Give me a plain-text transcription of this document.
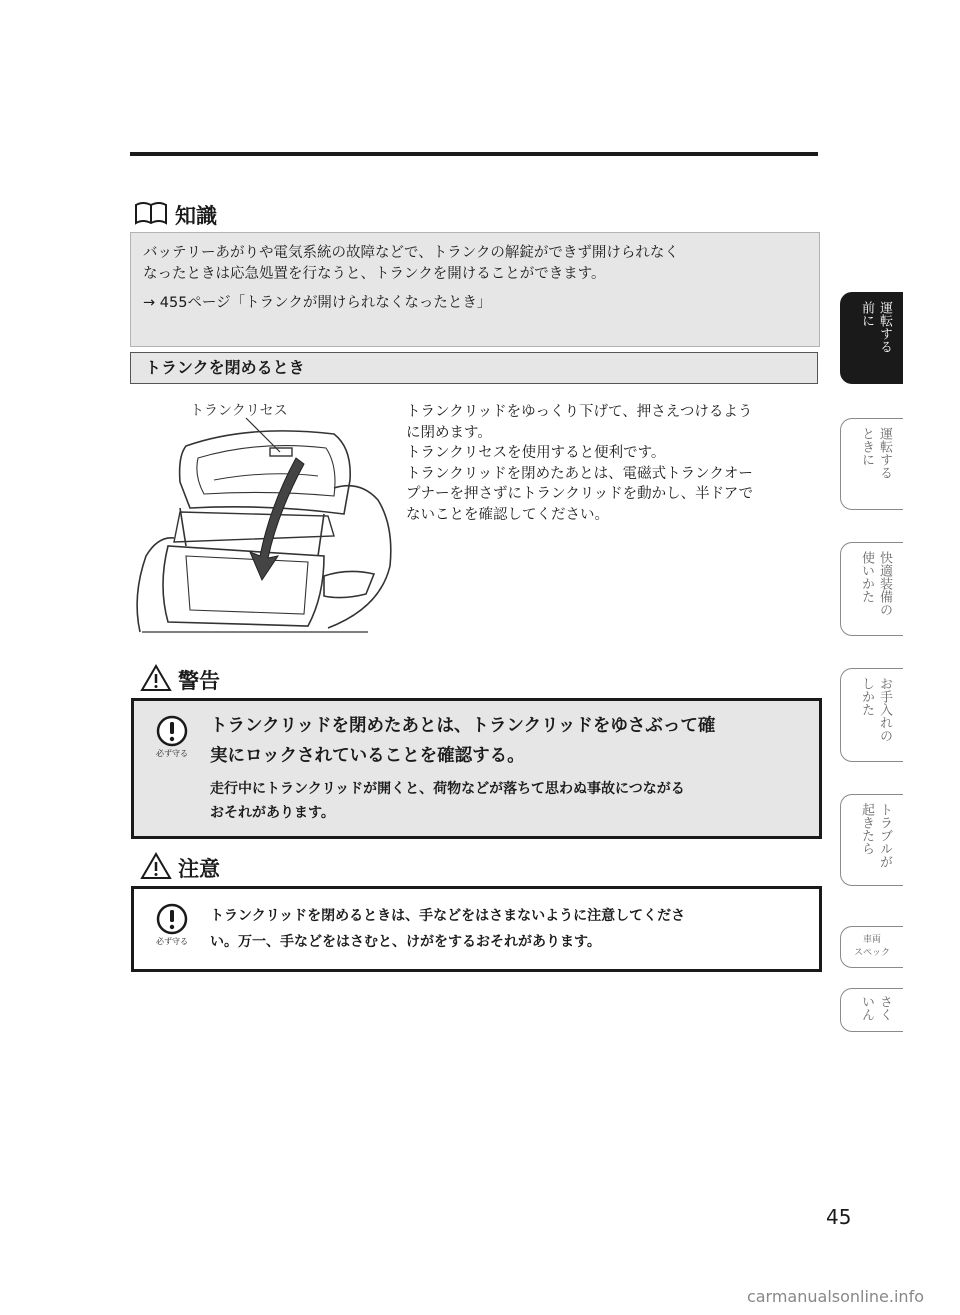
知識

バッテリーあがりや電気系統の故障などで、トランクの解錠ができず開けられなく

なったときは応急処置を行なうと、トランクを開けることができます。

→ 455ページ「トランクが開けられなくなったとき」

トランクを閉めるとき
トランクリセス	トランクリッドをゆっくり下げて、押さえつけるよう

に閉めます。

トランクリセスを使用すると便利です。

トランクリッドを閉めたあとは、電磁式トランクオー

プナーを押さずにトランクリッドを動かし、半ドアで

ないことを確認してください。

警告
必ず守る
トランクリッドを閉めたあとは、トランクリッドをゆさぶって確
実にロックされていることを確認する。
走行中にトランクリッドが開くと、荷物などが落ちて思わぬ事故につながる
おそれがあります。
注意
必ず守る
トランクリッドを閉めるときは、手などをはさまないように注意してくださ
い。万一、手などをはさむと、けがをするおそれがあります。
前に 運転する
ときに 運転する
使いかた 快適装備の
しかた お手入れの
起きたら トラブルが
車両
スペック
いん さく
45
carmanualsonline.info
